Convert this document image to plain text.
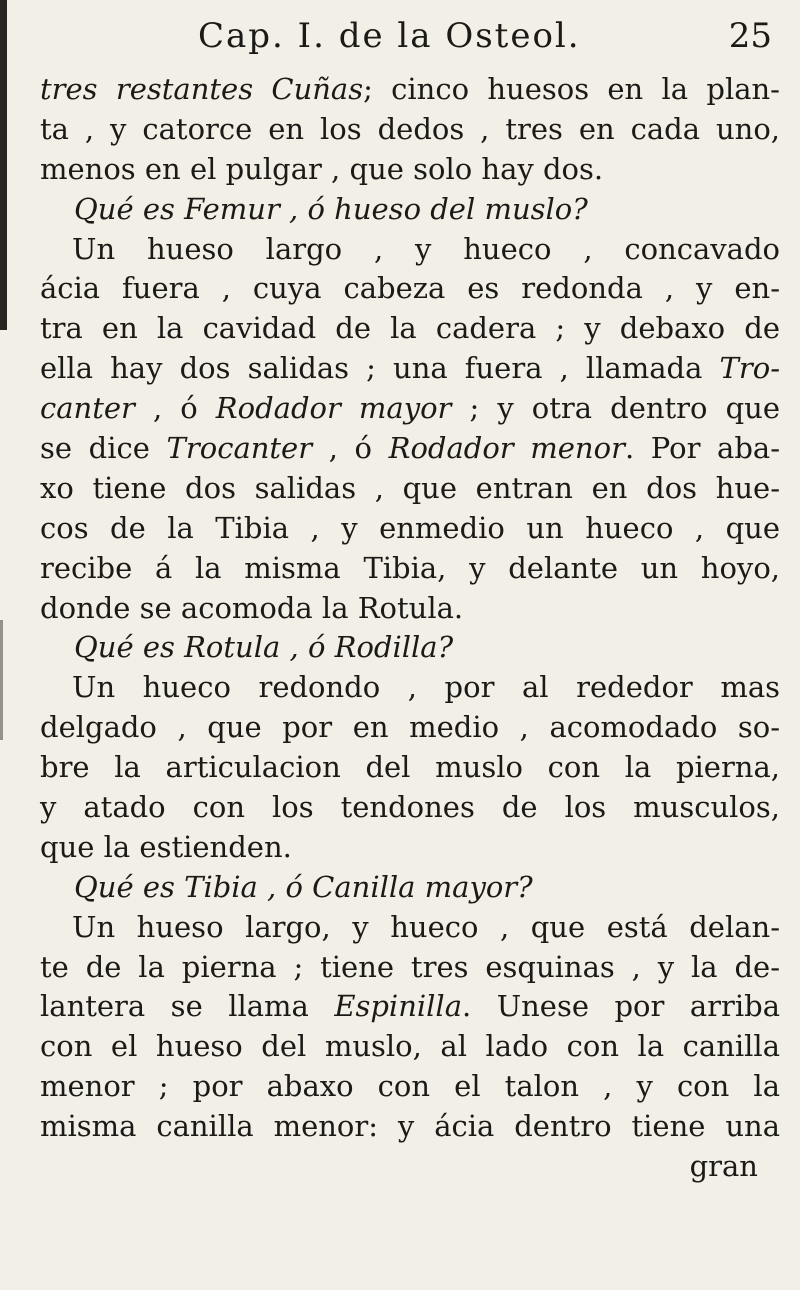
Cap. I. de la Osteol.	25
tres restantes Cuñas; cinco huesos en la plan-
ta , y catorce en los dedos , tres en cada uno,
menos en el pulgar , que solo hay dos.
Qué es Femur , ó hueso del muslo?
Un hueso largo , y hueco , concavado
ácia fuera , cuya cabeza es redonda , y en-
tra en la cavidad de la cadera ; y debaxo de
ella hay dos salidas ; una fuera , llamada Tro-
canter , ó Rodador mayor ; y otra dentro que
se dice Trocanter , ó Rodador menor. Por aba-
xo tiene dos salidas , que entran en dos hue-
cos de la Tibia , y enmedio un hueco , que
recibe á la misma Tibia, y delante un hoyo,
donde se acomoda la Rotula.
Qué es Rotula , ó Rodilla?
Un hueco redondo , por al rededor mas
delgado , que por en medio , acomodado so-
bre la articulacion del muslo con la pierna,
y atado con los tendones de los musculos,
que la estienden.
Qué es Tibia , ó Canilla mayor?
Un hueso largo, y hueco , que está delan-
te de la pierna ; tiene tres esquinas , y la de-
lantera se llama Espinilla. Unese por arriba
con el hueso del muslo, al lado con la canilla
menor ; por abaxo con el talon , y con la
misma canilla menor: y ácia dentro tiene una
gran
